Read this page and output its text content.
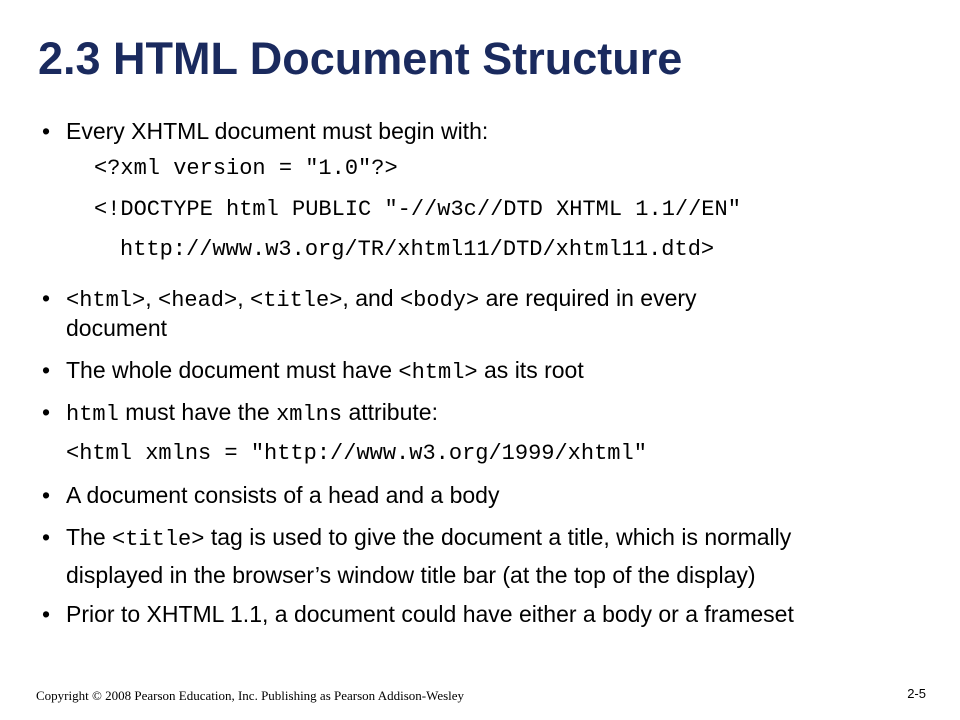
2.3 HTML Document Structure
• Every XHTML document must begin with:
<?xml version = "1.0"?>
<!DOCTYPE html PUBLIC "-//w3c//DTD XHTML 1.1//EN"
http://www.w3.org/TR/xhtml11/DTD/xhtml11.dtd>
• <html>, <head>, <title>, and <body> are required in every
document
• The whole document must have <html> as its root
• html must have the xmlns attribute:
<html xmlns = "http://www.w3.org/1999/xhtml"
• A document consists of a head and a body
• The <title> tag is used to give the document a title, which is normally
displayed in the browser’s window title bar (at the top of the display)
• Prior to XHTML 1.1, a document could have either a body or a frameset
Copyright © 2008 Pearson Education, Inc. Publishing as Pearson Addison-Wesley	2-5
